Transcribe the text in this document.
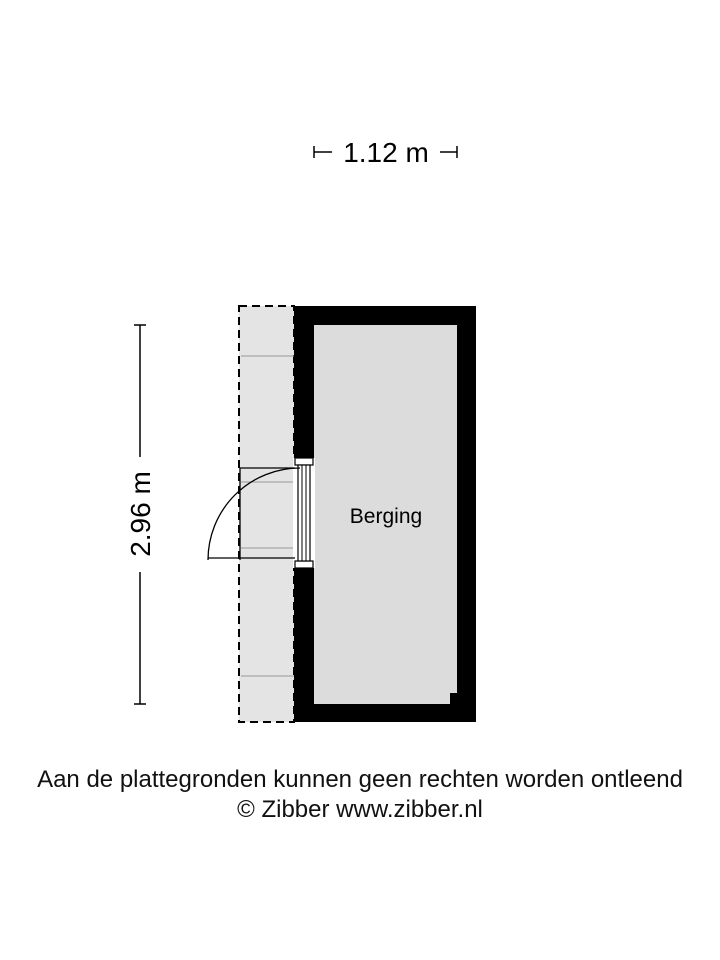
1.12 m
2.96 m	Berging
Aan de plattegronden kunnen geen rechten worden ontleend
© Zibber www.zibber.nl
